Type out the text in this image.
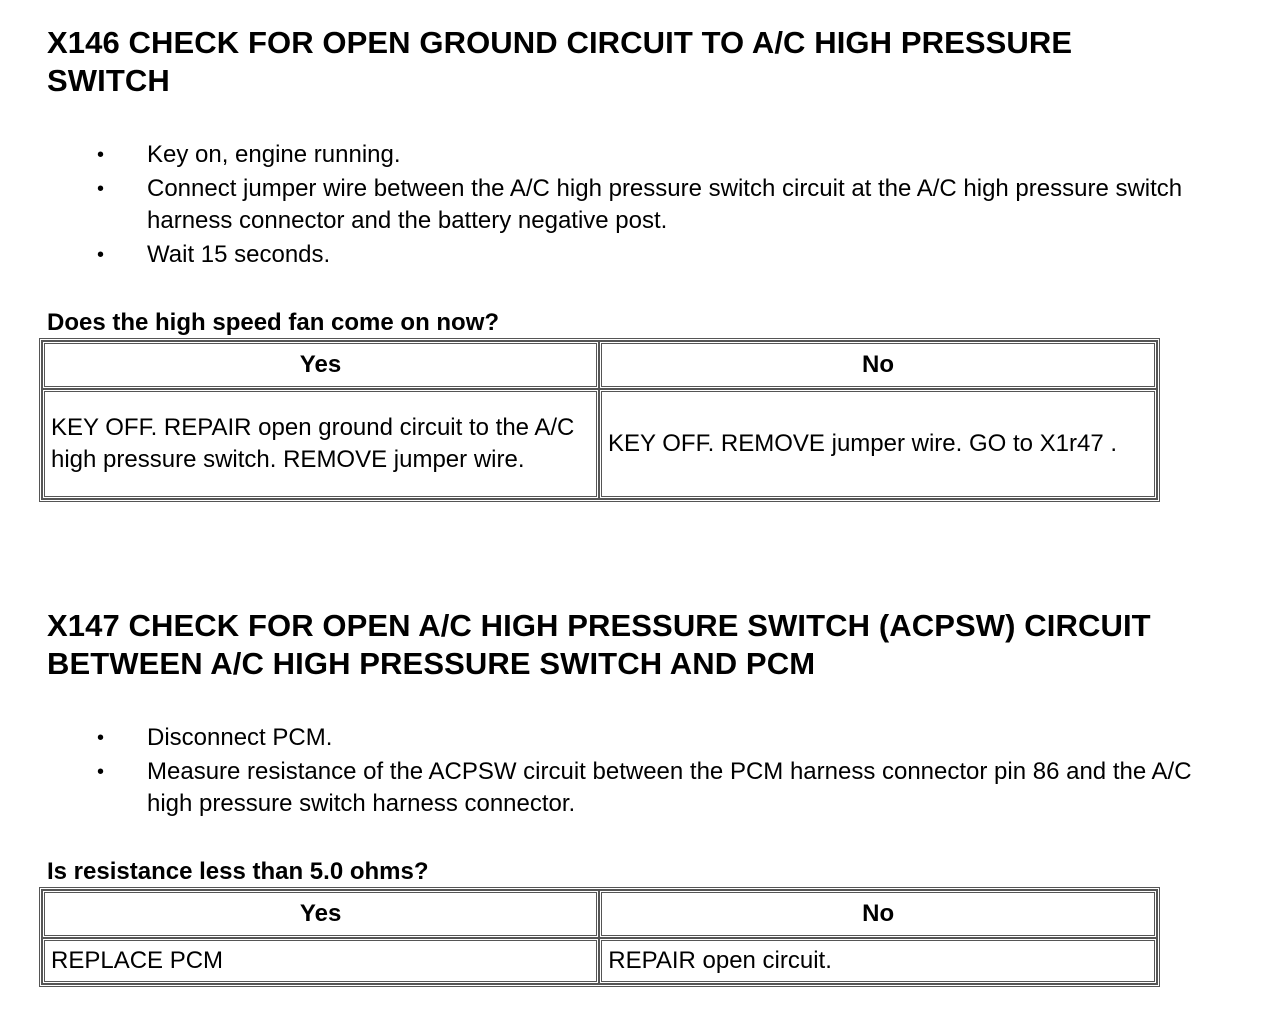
X146 CHECK FOR OPEN GROUND CIRCUIT TO A/C HIGH PRESSURE SWITCH
• Key on, engine running.
• Connect jumper wire between the A/C high pressure switch circuit at the A/C high pressure switch harness connector and the battery negative post.
• Wait 15 seconds.
Does the high speed fan come on now?
Yes	No
KEY OFF. REPAIR open ground circuit to the A/C high pressure switch. REMOVE jumper wire.	KEY OFF. REMOVE jumper wire. GO to X1r47 .
X147 CHECK FOR OPEN A/C HIGH PRESSURE SWITCH (ACPSW) CIRCUIT BETWEEN A/C HIGH PRESSURE SWITCH AND PCM
• Disconnect PCM.
• Measure resistance of the ACPSW circuit between the PCM harness connector pin 86 and the A/C high pressure switch harness connector.
Is resistance less than 5.0 ohms?
Yes	No
REPLACE PCM	REPAIR open circuit.
